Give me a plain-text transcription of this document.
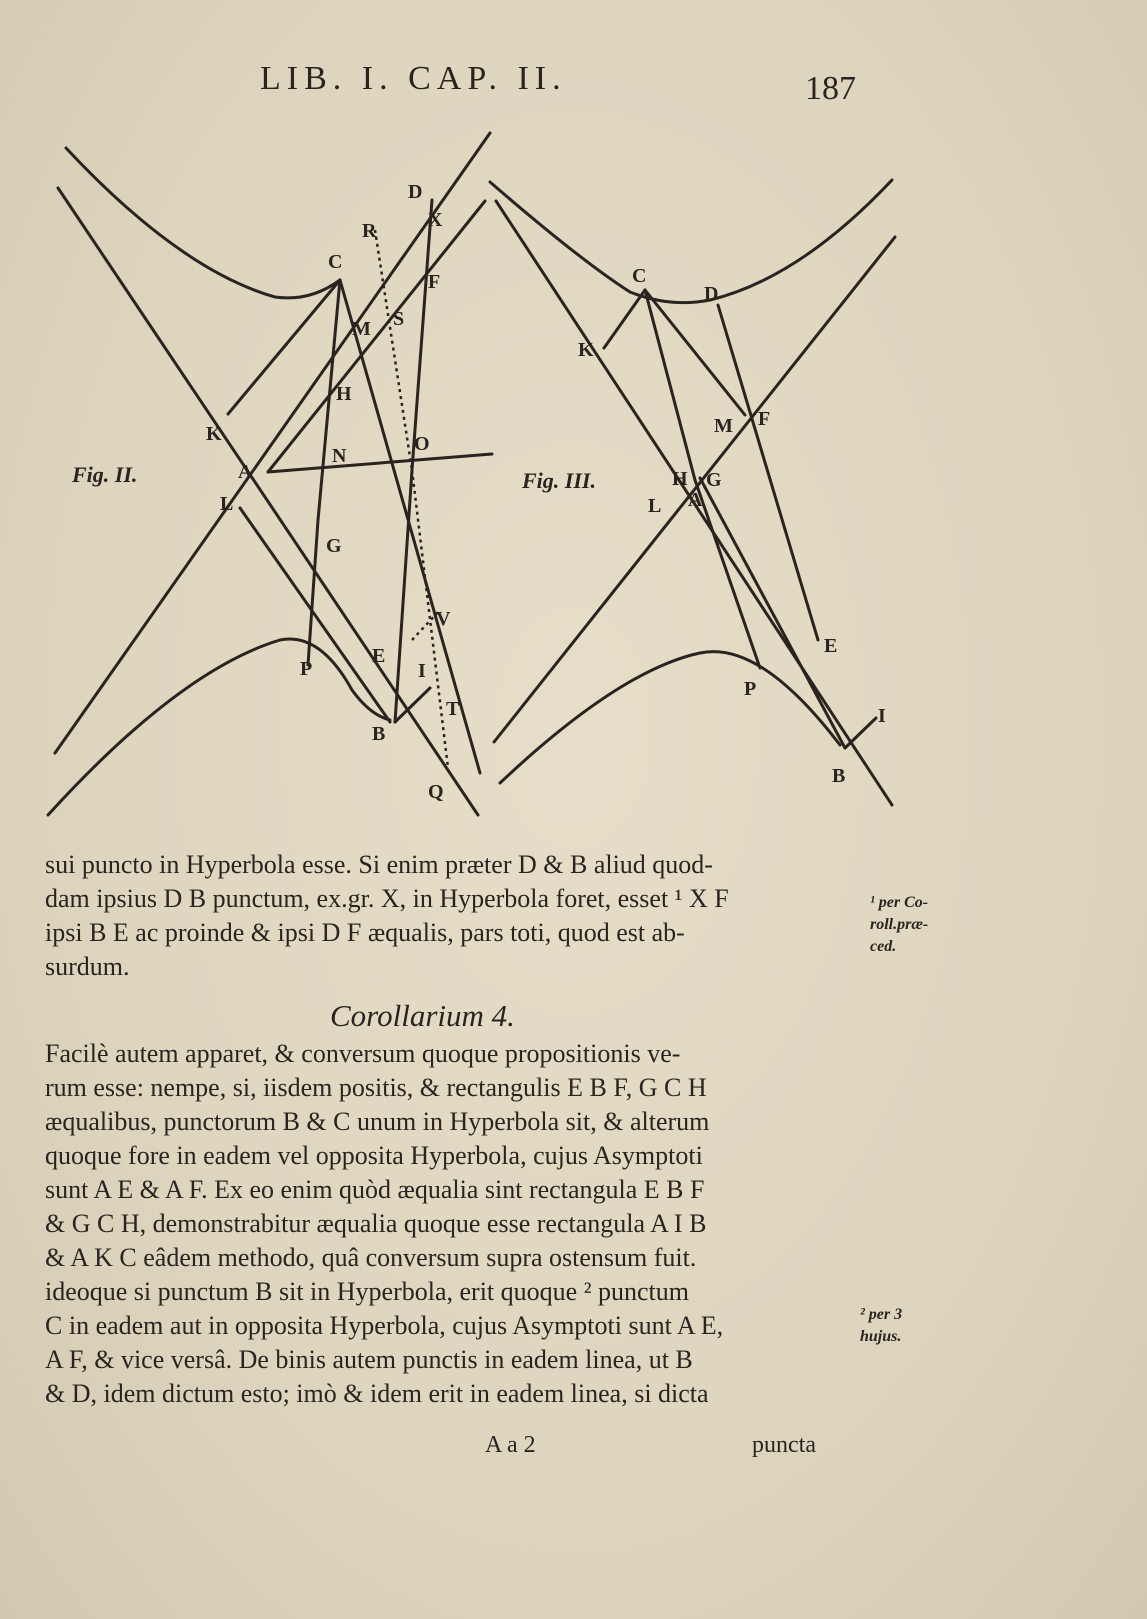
LIB. I. CAP. II.	187
D
X
R
C
F
S
M
H
K
N
O
A
L
G
V
P
E
I
T
B
Q
Fig. II.
C
D
K
M F
H G
L A
E
P
I
B
Fig. III.
sui puncto in Hyperbola esse. Si enim præter D & B aliud quod-
dam ipsius D B punctum, ex.gr. X, in Hyperbola foret, esset ¹ X F
ipsi B E ac proinde & ipsi D F æqualis, pars toti, quod est ab-
surdum.
¹ per Co-
roll.præ-
ced.
Corollarium 4.
Facilè autem apparet, & conversum quoque propositionis ve-
rum esse: nempe, si, iisdem positis, & rectangulis E B F, G C H
æqualibus, punctorum B & C unum in Hyperbola sit, & alterum
quoque fore in eadem vel opposita Hyperbola, cujus Asymptoti
sunt A E & A F. Ex eo enim quòd æqualia sint rectangula E B F
& G C H, demonstrabitur æqualia quoque esse rectangula A I B
& A K C eâdem methodo, quâ conversum supra ostensum fuit.
ideoque si punctum B sit in Hyperbola, erit quoque ² punctum
C in eadem aut in opposita Hyperbola, cujus Asymptoti sunt A E,
A F, & vice versâ. De binis autem punctis in eadem linea, ut B
& D, idem dictum esto; imò & idem erit in eadem linea, si dicta
² per 3
hujus.
A a 2	puncta
